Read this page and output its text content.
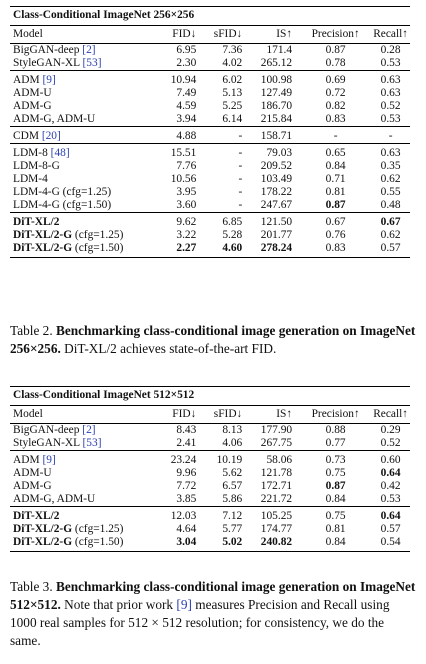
Class-Conditional ImageNet 256×256					
Model	FID↓	sFID↓	IS↑	Precision↑	Recall↑
BigGAN-deep [2]	6.95	7.36	171.4	0.87	0.28
StyleGAN-XL [53]	2.30	4.02	265.12	0.78	0.53
ADM [9]	10.94	6.02	100.98	0.69	0.63
ADM-U	7.49	5.13	127.49	0.72	0.63
ADM-G	4.59	5.25	186.70	0.82	0.52
ADM-G, ADM-U	3.94	6.14	215.84	0.83	0.53
CDM [20]	4.88	-	158.71	-	-
LDM-8 [48]	15.51	-	79.03	0.65	0.63
LDM-8-G	7.76	-	209.52	0.84	0.35
LDM-4	10.56	-	103.49	0.71	0.62
LDM-4-G (cfg=1.25)	3.95	-	178.22	0.81	0.55
LDM-4-G (cfg=1.50)	3.60	-	247.67	0.87	0.48
DiT-XL/2	9.62	6.85	121.50	0.67	0.67
DiT-XL/2-G (cfg=1.25)	3.22	5.28	201.77	0.76	0.62
DiT-XL/2-G (cfg=1.50)	2.27	4.60	278.24	0.83	0.57
Table 2. Benchmarking class-conditional image generation on ImageNet 256×256. DiT-XL/2 achieves state-of-the-art FID.
Class-Conditional ImageNet 512×512					
Model	FID↓	sFID↓	IS↑	Precision↑	Recall↑
BigGAN-deep [2]	8.43	8.13	177.90	0.88	0.29
StyleGAN-XL [53]	2.41	4.06	267.75	0.77	0.52
ADM [9]	23.24	10.19	58.06	0.73	0.60
ADM-U	9.96	5.62	121.78	0.75	0.64
ADM-G	7.72	6.57	172.71	0.87	0.42
ADM-G, ADM-U	3.85	5.86	221.72	0.84	0.53
DiT-XL/2	12.03	7.12	105.25	0.75	0.64
DiT-XL/2-G (cfg=1.25)	4.64	5.77	174.77	0.81	0.57
DiT-XL/2-G (cfg=1.50)	3.04	5.02	240.82	0.84	0.54
Table 3. Benchmarking class-conditional image generation on ImageNet 512×512. Note that prior work [9] measures Precision and Recall using 1000 real samples for 512 × 512 resolution; for consistency, we do the same.
